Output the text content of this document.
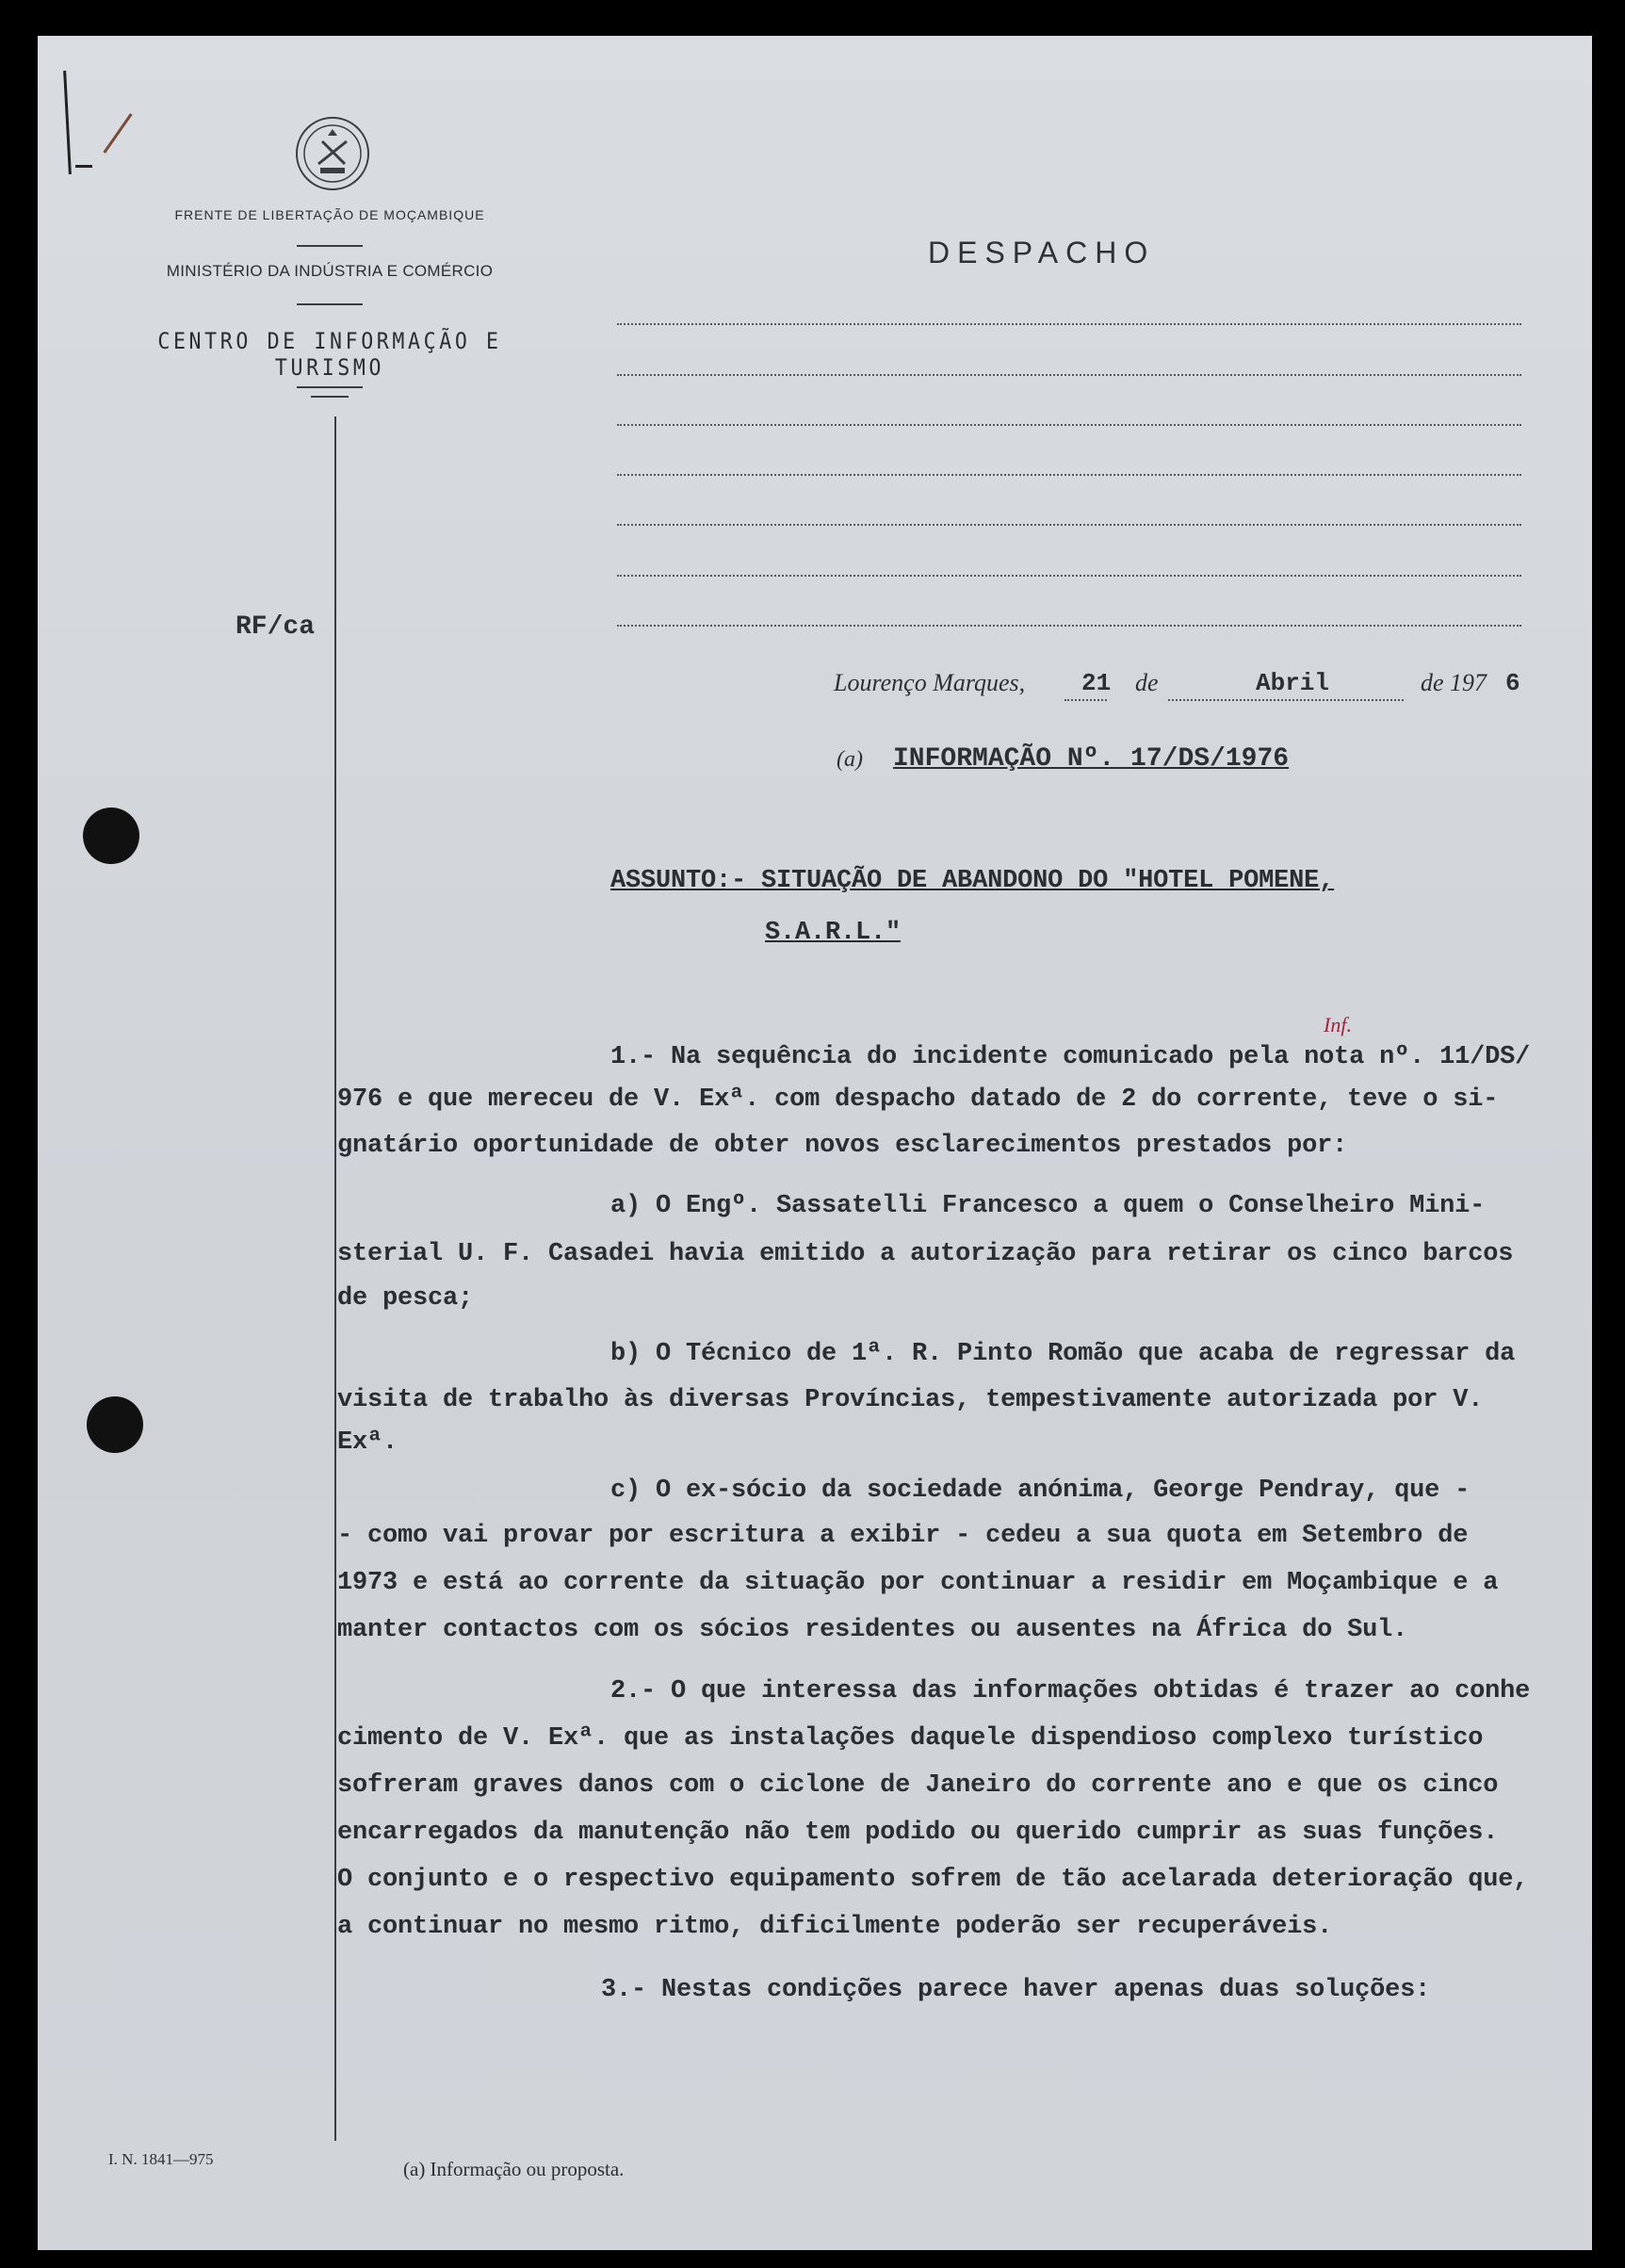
FRENTE DE LIBERTAÇÃO DE MOÇAMBIQUE
MINISTÉRIO DA INDÚSTRIA E COMÉRCIO
CENTRO DE INFORMAÇÃO E TURISMO
DESPACHO
RF/ca
Lourenço Marques, 21 de	Abril	de 197 6
(a) INFORMAÇÃO Nº. 17/DS/1976
ASSUNTO:- SITUAÇÃO DE ABANDONO DO "HOTEL POMENE,
S.A.R.L."
Inf.
1.- Na sequência do incidente comunicado pela nota nº. 11/DS/
976 e que mereceu de V. Exª. com despacho datado de 2 do corrente, teve o si-
gnatário oportunidade de obter novos esclarecimentos prestados por:
a) O Engº. Sassatelli Francesco a quem o Conselheiro Mini-
sterial U. F. Casadei havia emitido a autorização para retirar os cinco barcos
de pesca;
b) O Técnico de 1ª. R. Pinto Romão que acaba de regressar da
visita de trabalho às diversas Províncias, tempestivamente autorizada por V.
Exª.
c) O ex-sócio da sociedade anónima, George Pendray, que -
- como vai provar por escritura a exibir - cedeu a sua quota em Setembro de
1973 e está ao corrente da situação por continuar a residir em Moçambique e a
manter contactos com os sócios residentes ou ausentes na África do Sul.
2.- O que interessa das informações obtidas é trazer ao conhe
cimento de V. Exª. que as instalações daquele dispendioso complexo turístico
sofreram graves danos com o ciclone de Janeiro do corrente ano e que os cinco
encarregados da manutenção não tem podido ou querido cumprir as suas funções.
O conjunto e o respectivo equipamento sofrem de tão acelarada deterioração que,
a continuar no mesmo ritmo, dificilmente poderão ser recuperáveis.
3.- Nestas condições parece haver apenas duas soluções:
I. N. 1841—975	(a) Informação ou proposta.
